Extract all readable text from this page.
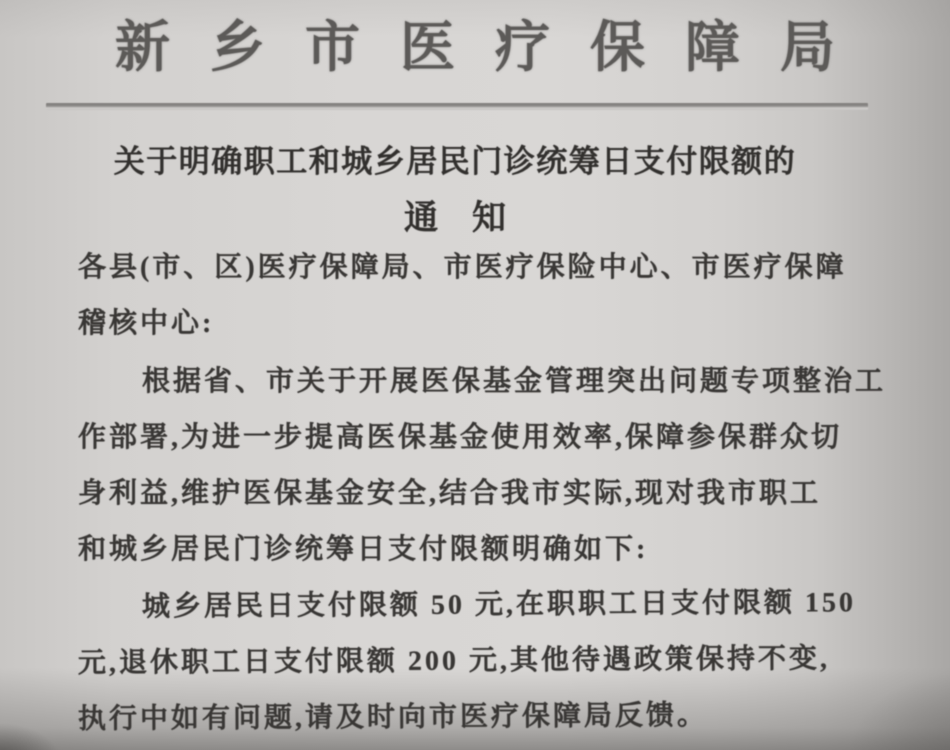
新乡市医疗保障局
关于明确职工和城乡居民门诊统筹日支付限额的
通知
各县(市、区)医疗保障局、市医疗保险中心、市医疗保障
稽核中心:
根据省、市关于开展医保基金管理突出问题专项整治工
作部署,为进一步提高医保基金使用效率,保障参保群众切
身利益,维护医保基金安全,结合我市实际,现对我市职工
和城乡居民门诊统筹日支付限额明确如下:
城乡居民日支付限额 50 元,在职职工日支付限额 150
元,退休职工日支付限额 200 元,其他待遇政策保持不变,
执行中如有问题,请及时向市医疗保障局反馈。
